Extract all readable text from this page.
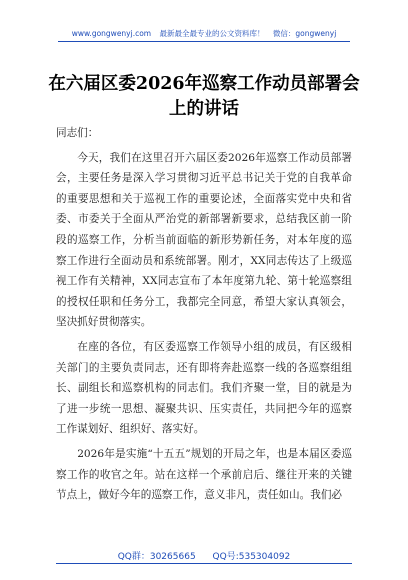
www.gongwenyj.com 最新最全最专业的公文资料库！ 微信：gongwenyj
在六届区委2026年巡察工作动员部署会上的讲话

同志们：

今天，我们在这里召开六届区委2026年巡察工作动员部署会，主要任务是深入学习贯彻习近平总书记关于党的自我革命的重要思想和关于巡视工作的重要论述，全面落实党中央和省委、市委关于全面从严治党的新部署新要求，总结我区前一阶段的巡察工作，分析当前面临的新形势新任务，对本年度的巡察工作进行全面动员和系统部署。刚才，XX同志传达了上级巡视工作有关精神，XX同志宣布了本年度第九轮、第十轮巡察组的授权任职和任务分工，我都完全同意，希望大家认真领会，坚决抓好贯彻落实。

在座的各位，有区委巡察工作领导小组的成员，有区级相关部门的主要负责同志，还有即将奔赴巡察一线的各巡察组组长、副组长和巡察机构的同志们。我们齐聚一堂，目的就是为了进一步统一思想、凝聚共识、压实责任，共同把今年的巡察工作谋划好、组织好、落实好。

2026年是实施“十五五”规划的开局之年，也是本届区委巡察工作的收官之年。站在这样一个承前启后、继往开来的关键节点上，做好今年的巡察工作，意义非凡，责任如山。我们必

QQ群：30265665 QQ号:535304092
